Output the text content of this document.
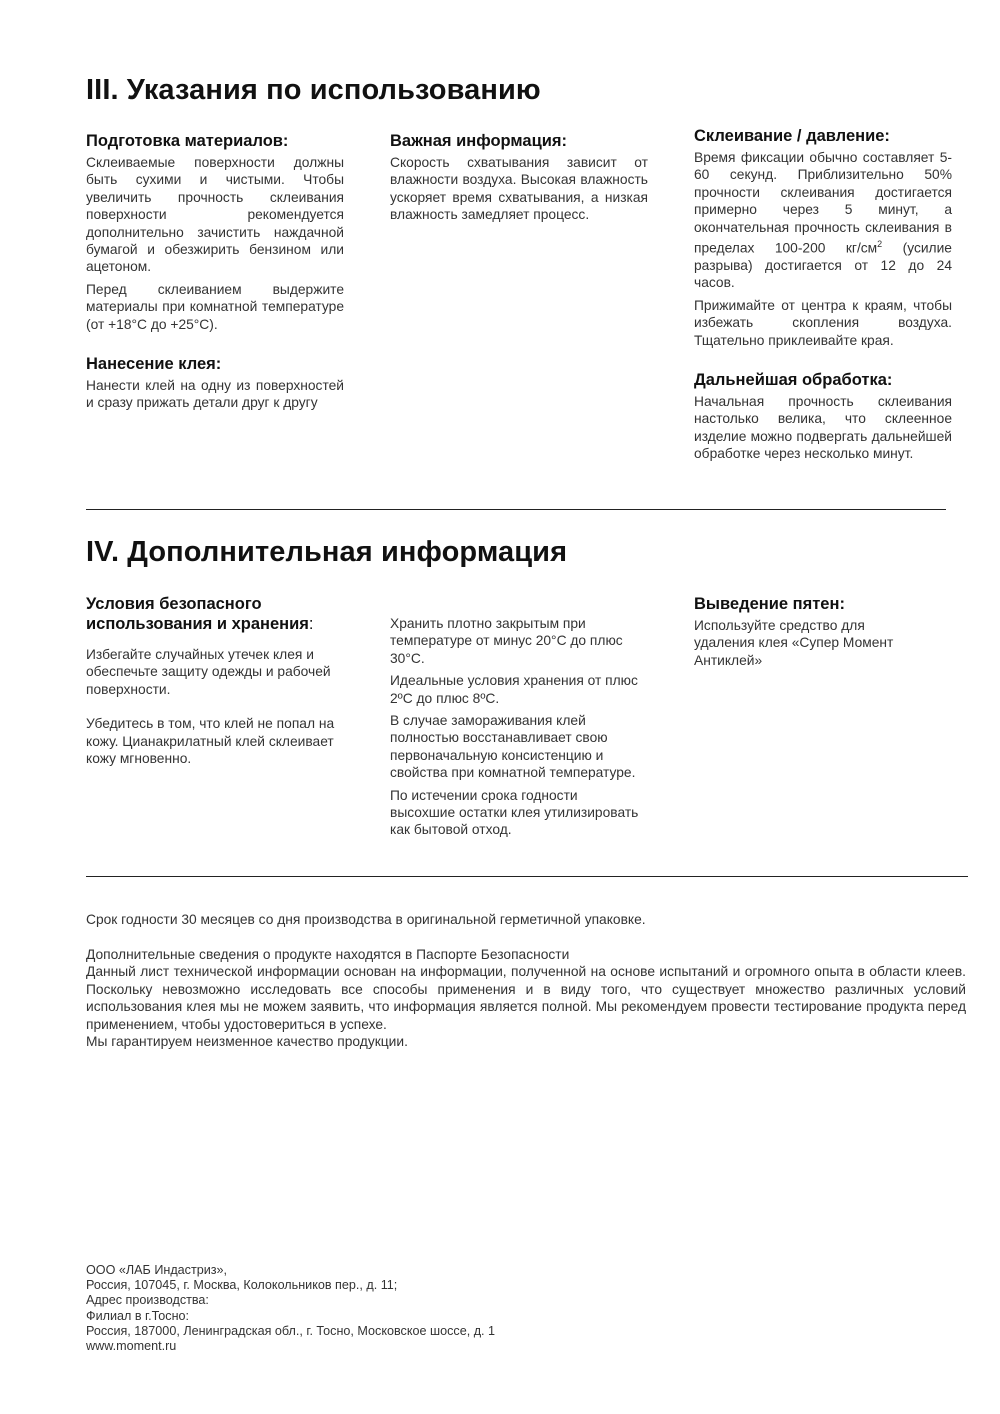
III. Указания по использованию
Подготовка материалов:

Склеиваемые поверхности должны быть сухими и чистыми. Чтобы увеличить прочность склеивания поверхности рекомендуется дополнительно зачистить наждачной бумагой и обезжирить бензином или ацетоном.

Перед склеиванием выдержите материалы при комнатной температуре (от +18°С до +25°С).

Нанесение клея:

Нанести клей на одну из поверхностей и сразу прижать детали друг к другу

Важная информация:

Скорость схватывания зависит от влажности воздуха. Высокая влажность ускоряет время схватывания, а низкая влажность замедляет процесс.

Склеивание / давление:

Время фиксации обычно составляет 5-60 секунд. Приблизительно 50% прочности склеивания достигается примерно через 5 минут, а окончательная прочность склеивания в пределах 100-200 $кг/см^2$ (усилие разрыва) достигается от 12 до 24 часов.

Прижимайте от центра к краям, чтобы избежать скопления воздуха. Тщательно приклеивайте края.

Дальнейшая обработка:

Начальная прочность склеивания настолько велика, что склеенное изделие можно подвергать дальнейшей обработке через несколько минут.

IV. Дополнительная информация
Условия безопасного
использования и хранения:

Избегайте случайных утечек клея и обеспечьте защиту одежды и рабочей поверхности.

Убедитесь в том, что клей не попал на кожу. Цианакрилатный клей склеивает кожу мгновенно.

Хранить плотно закрытым при температуре от минус 20°С до плюс 30°С.

Идеальные условия хранения от плюс 2ºС до плюс 8ºС.

В случае замораживания клей полностью восстанавливает свою первоначальную консистенцию и свойства при комнатной температуре.

По истечении срока годности высохшие остатки клея утилизировать как бытовой отход.

Выведение пятен:

Используйте средство для удаления клея «Супер Момент Антиклей»

Срок годности 30 месяцев со дня производства в оригинальной герметичной упаковке.

Дополнительные сведения о продукте находятся в Паспорте Безопасности
Данный лист технической информации основан на информации, полученной на основе испытаний и огромного опыта в области клеев. Поскольку невозможно исследовать все способы применения и в виду того, что существует множество различных условий использования клея мы не можем заявить, что информация является полной. Мы рекомендуем провести тестирование продукта перед применением, чтобы удостовериться в успехе.
Мы гарантируем неизменное качество продукции.
ООО «ЛАБ Индастриз»,
Россия, 107045, г. Москва, Колокольников пер., д. 11;
Адрес производства:
Филиал в г.Тосно:
Россия, 187000, Ленинградская обл., г. Тосно, Московское шоссе, д. 1
www.moment.ru
